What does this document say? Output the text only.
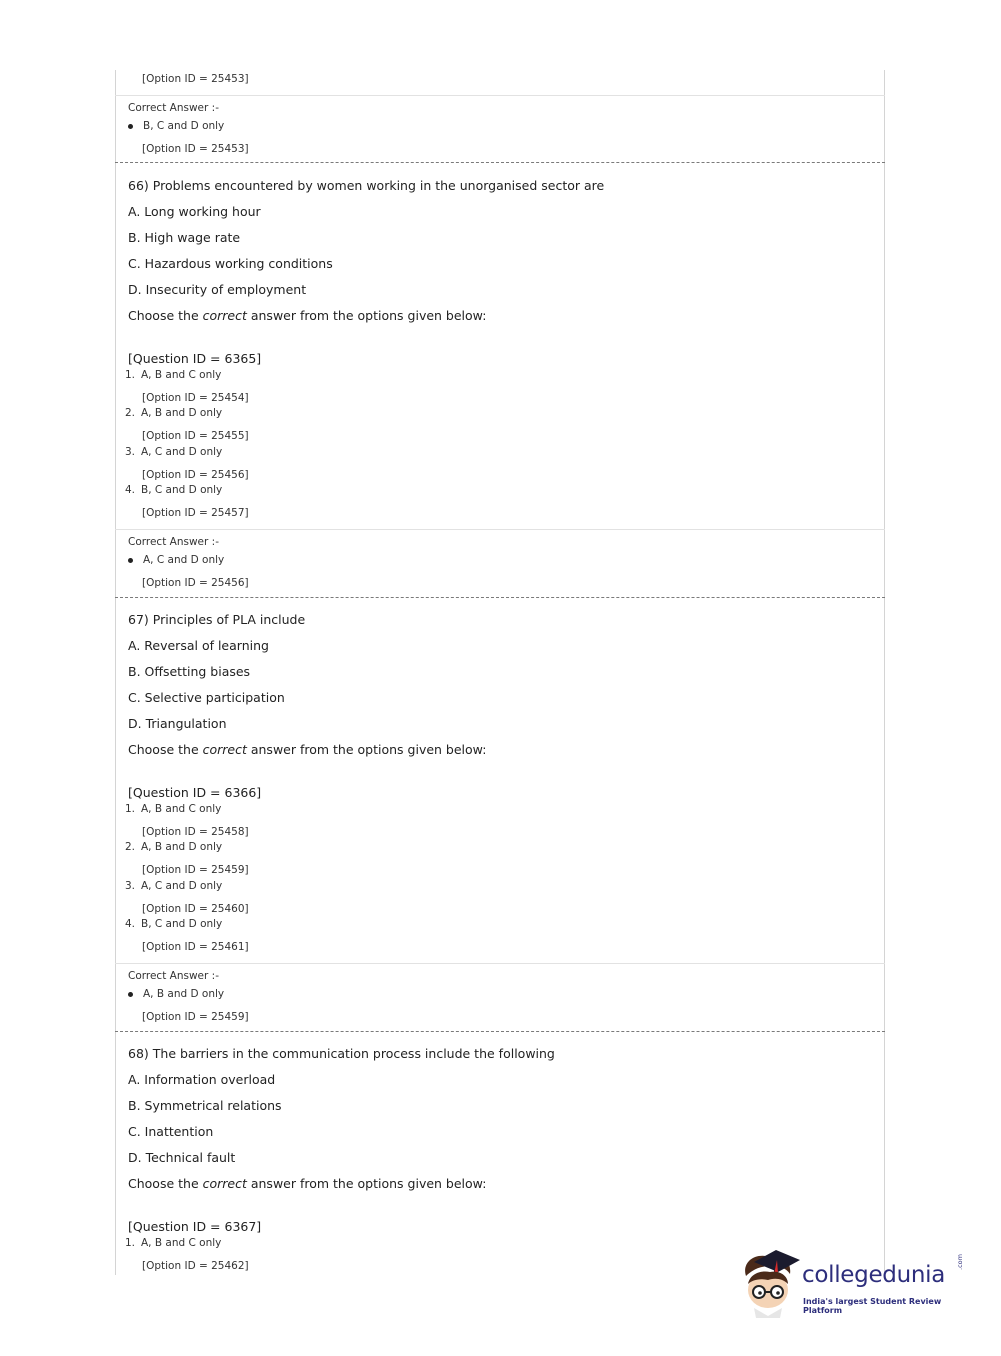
[Option ID = 25453]
Correct Answer :-
B, C and D only
[Option ID = 25453]
66) Problems encountered by women working in the unorganised sector are
A. Long working hour
B. High wage rate
C. Hazardous working conditions
D. Insecurity of employment
Choose the correct answer from the options given below:
[Question ID = 6365]
1. A, B and C only
[Option ID = 25454]
2. A, B and D only
[Option ID = 25455]
3. A, C and D only
[Option ID = 25456]
4. B, C and D only
[Option ID = 25457]
Correct Answer :-
A, C and D only
[Option ID = 25456]
67) Principles of PLA include
A. Reversal of learning
B. Offsetting biases
C. Selective participation
D. Triangulation
Choose the correct answer from the options given below:
[Question ID = 6366]
1. A, B and C only
[Option ID = 25458]
2. A, B and D only
[Option ID = 25459]
3. A, C and D only
[Option ID = 25460]
4. B, C and D only
[Option ID = 25461]
Correct Answer :-
A, B and D only
[Option ID = 25459]
68) The barriers in the communication process include the following
A. Information overload
B. Symmetrical relations
C. Inattention
D. Technical fault
Choose the correct answer from the options given below:
[Question ID = 6367]
1. A, B and C only
[Option ID = 25462]	collegedunia .com
India's largest Student Review Platform
